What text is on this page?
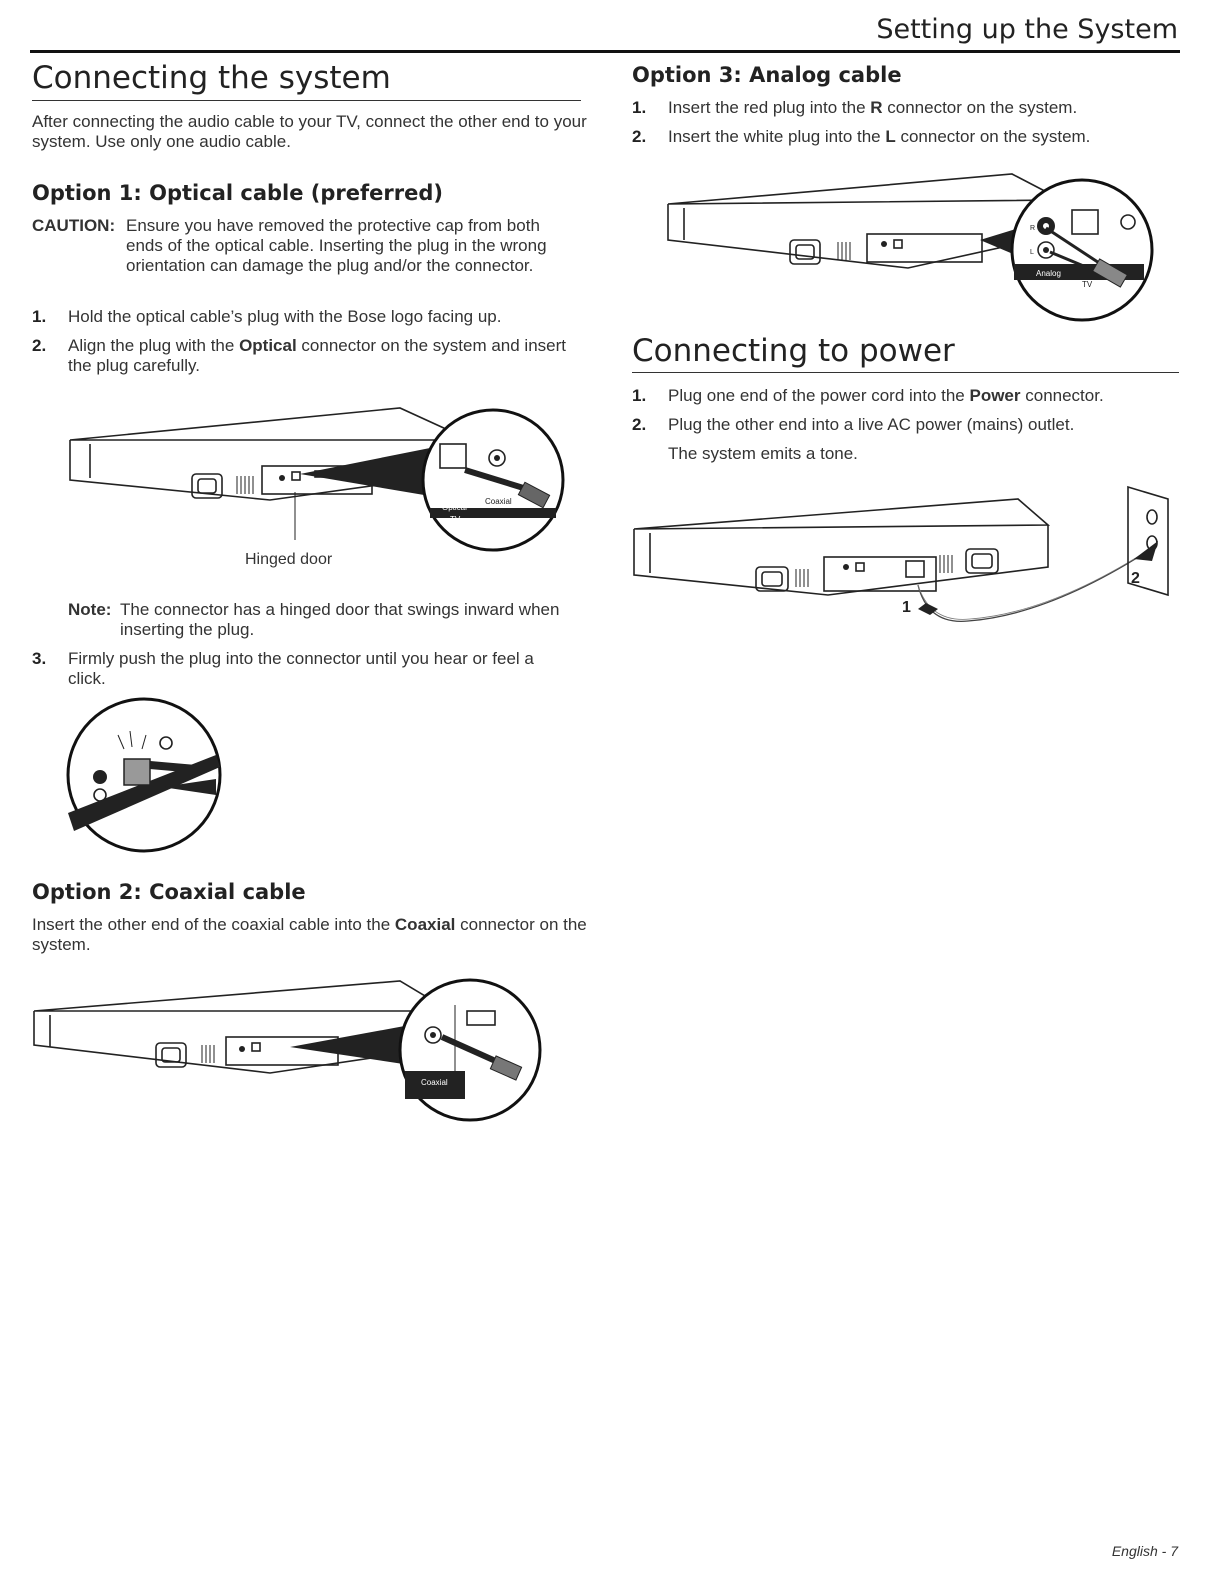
Setting up the System
Connecting the system
After connecting the audio cable to your TV, connect the other end to your system. Use only one audio cable.
Option 1: Optical cable (preferred)
CAUTION: Ensure you have removed the protective cap from both ends of the optical cable. Inserting the plug in the wrong orientation can damage the plug and/or the connector.
1. Hold the optical cable’s plug with the Bose logo facing up.
2. Align the plug with the Optical connector on the system and insert the plug carefully.
Optical
Coaxial
TV
Hinged door
Note: The connector has a hinged door that swings inward when inserting the plug.
3. Firmly push the plug into the connector until you hear or feel a click.
Option 2: Coaxial cable
Insert the other end of the coaxial cable into the Coaxial connector on the system.
Coaxial
Option 3: Analog cable
1. Insert the red plug into the R connector on the system.
2. Insert the white plug into the L connector on the system.
Analog
TV
R
L
Connecting to power
1. Plug one end of the power cord into the Power connector.
2. Plug the other end into a live AC power (mains) outlet.
The system emits a tone.
1
2
English - 7
